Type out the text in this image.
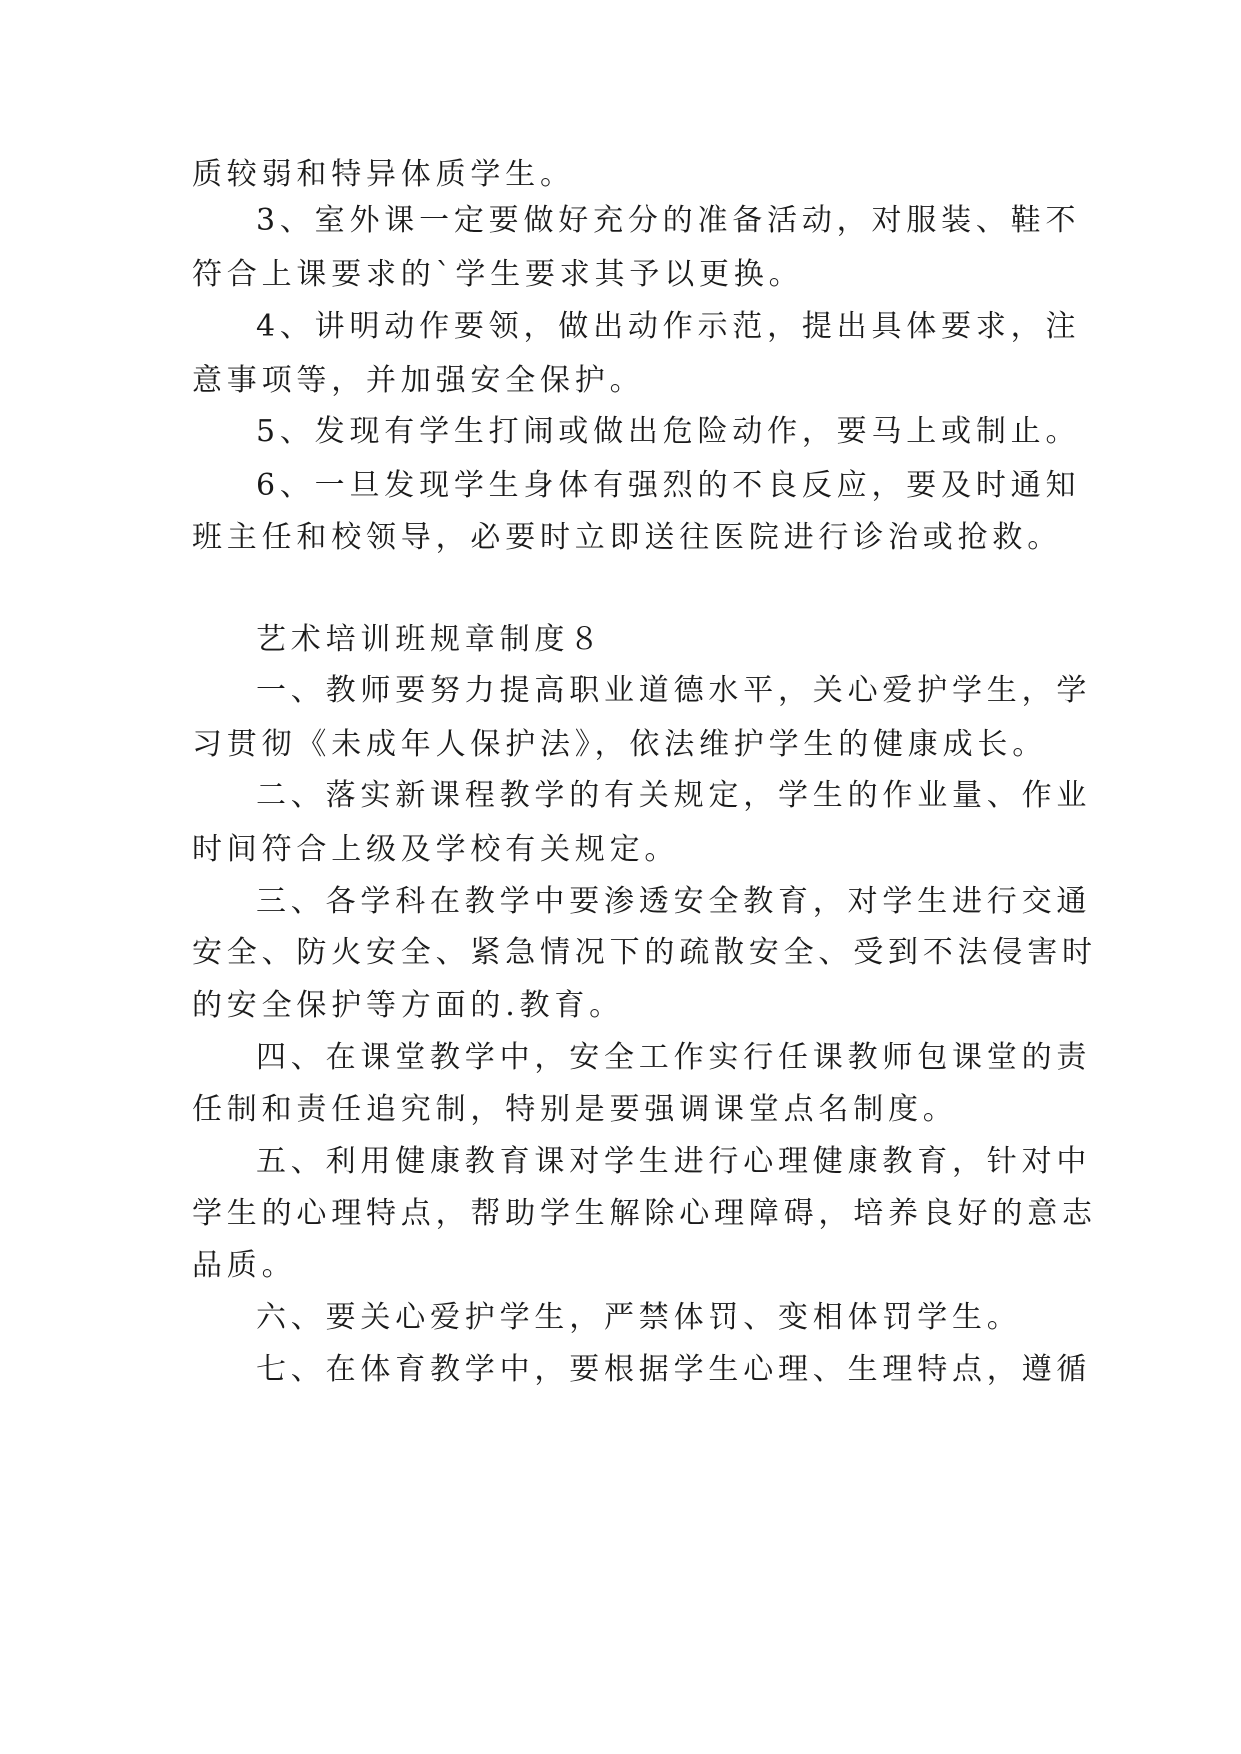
质较弱和特异体质学生。
3、室外课一定要做好充分的准备活动，对服装、鞋不
符合上课要求的`学生要求其予以更换。
4、讲明动作要领，做出动作示范，提出具体要求，注
意事项等，并加强安全保护。
5、发现有学生打闹或做出危险动作，要马上或制止。
6、一旦发现学生身体有强烈的不良反应，要及时通知
班主任和校领导，必要时立即送往医院进行诊治或抢救。
艺术培训班规章制度８
一、教师要努力提高职业道德水平，关心爱护学生，学
习贯彻《未成年人保护法》，依法维护学生的健康成长。
二、落实新课程教学的有关规定，学生的作业量、作业
时间符合上级及学校有关规定。
三、各学科在教学中要渗透安全教育，对学生进行交通
安全、防火安全、紧急情况下的疏散安全、受到不法侵害时
的安全保护等方面的.教育。
四、在课堂教学中，安全工作实行任课教师包课堂的责
任制和责任追究制，特别是要强调课堂点名制度。
五、利用健康教育课对学生进行心理健康教育，针对中
学生的心理特点，帮助学生解除心理障碍，培养良好的意志
品质。
六、要关心爱护学生，严禁体罚、变相体罚学生。
七、在体育教学中，要根据学生心理、生理特点，遵循
